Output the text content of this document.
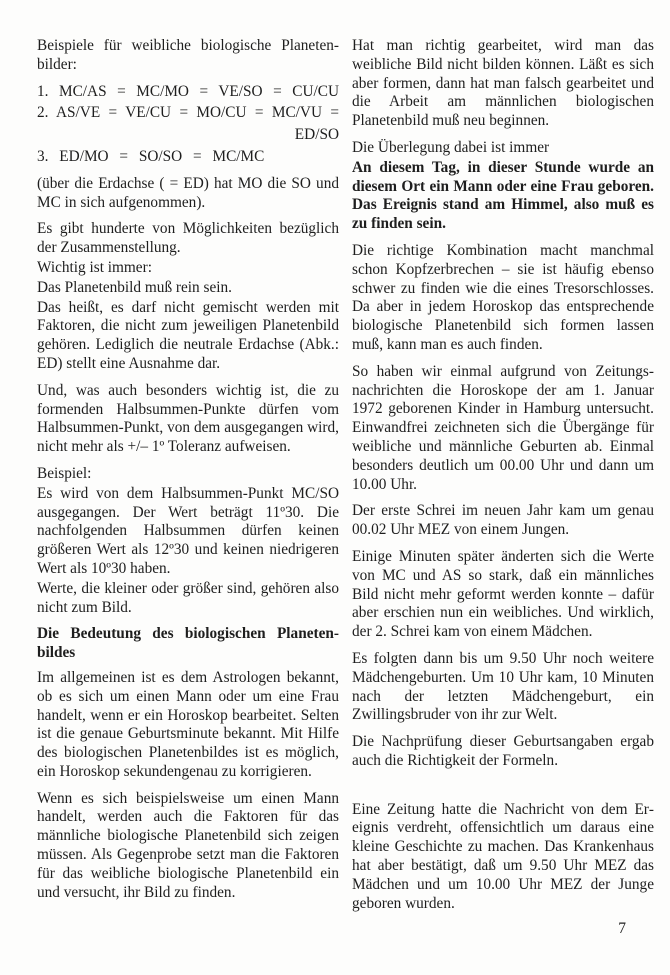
Beispiele für weibliche biologische Planetenbilder:

1. MC/AS = MC/MO = VE/SO = CU/CU

2. AS/VE = VE/CU = MO/CU = MC/VU =

ED/SO

3. ED/MO = SO/SO = MC/MC

(über die Erdachse ( = ED) hat MO die SO und MC in sich aufgenommen).

Es gibt hunderte von Möglichkeiten bezüglich der Zusammenstellung.

Wichtig ist immer:

Das Planetenbild muß rein sein.

Das heißt, es darf nicht gemischt werden mit Faktoren, die nicht zum jeweiligen Planetenbild gehören. Lediglich die neutrale Erdachse (Abk.: ED) stellt eine Ausnahme dar.

Und, was auch besonders wichtig ist, die zu formenden Halbsummen-Punkte dürfen vom Halbsummen-Punkt, von dem ausgegangen wird, nicht mehr als +/– 1º Toleranz aufweisen.

Beispiel:

Es wird von dem Halbsummen-Punkt MC/SO ausgegangen. Der Wert beträgt 11º30. Die nachfolgenden Halbsummen dürfen keinen größeren Wert als 12º30 und keinen niedrigeren Wert als 10º30 haben.

Werte, die kleiner oder größer sind, gehören also nicht zum Bild.

Die Bedeutung des biologischen Planetenbildes

Im allgemeinen ist es dem Astrologen bekannt, ob es sich um einen Mann oder um eine Frau handelt, wenn er ein Horoskop bearbeitet. Selten ist die genaue Geburtsminute bekannt. Mit Hilfe des biologischen Planetenbildes ist es möglich, ein Horoskop sekundengenau zu korrigieren.

Wenn es sich beispielsweise um einen Mann handelt, werden auch die Faktoren für das männliche biologische Planetenbild sich zeigen müssen. Als Gegenprobe setzt man die Faktoren für das weibliche biologische Planetenbild ein und versucht, ihr Bild zu finden.

Hat man richtig gearbeitet, wird man das weibliche Bild nicht bilden können. Läßt es sich aber formen, dann hat man falsch gearbeitet und die Arbeit am männlichen biologischen Planetenbild muß neu beginnen.

Die Überlegung dabei ist immer

An diesem Tag, in dieser Stunde wurde an diesem Ort ein Mann oder eine Frau geboren. Das Ereignis stand am Himmel, also muß es zu finden sein.

Die richtige Kombination macht manchmal schon Kopfzerbrechen – sie ist häufig ebenso schwer zu finden wie die eines Tresorschlosses. Da aber in jedem Horoskop das entsprechende biologische Planetenbild sich formen lassen muß, kann man es auch finden.

So haben wir einmal aufgrund von Zeitungsnachrichten die Horoskope der am 1. Januar 1972 geborenen Kinder in Hamburg untersucht. Einwandfrei zeichneten sich die Übergänge für weibliche und männliche Geburten ab. Einmal besonders deutlich um 00.00 Uhr und dann um 10.00 Uhr.

Der erste Schrei im neuen Jahr kam um genau 00.02 Uhr MEZ von einem Jungen.

Einige Minuten später änderten sich die Werte von MC und AS so stark, daß ein männliches Bild nicht mehr geformt werden konnte – dafür aber erschien nun ein weibliches. Und wirklich, der 2. Schrei kam von einem Mädchen.

Es folgten dann bis um 9.50 Uhr noch weitere Mädchengeburten. Um 10 Uhr kam, 10 Minuten nach der letzten Mädchengeburt, ein Zwillingsbruder von ihr zur Welt.

Die Nachprüfung dieser Geburtsangaben ergab auch die Richtigkeit der Formeln.

Eine Zeitung hatte die Nachricht von dem Ereignis verdreht, offensichtlich um daraus eine kleine Geschichte zu machen. Das Krankenhaus hat aber bestätigt, daß um 9.50 Uhr MEZ das Mädchen und um 10.00 Uhr MEZ der Junge geboren wurden.

7
